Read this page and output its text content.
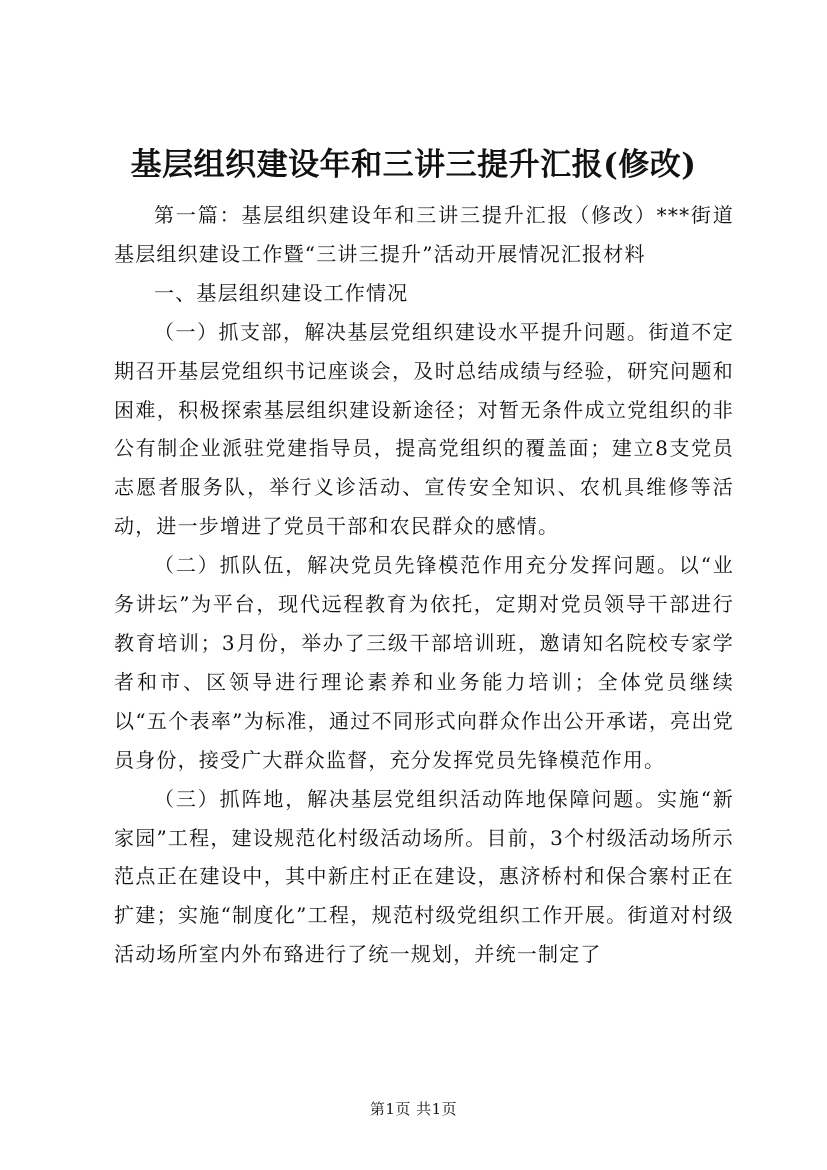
基层组织建设年和三讲三提升汇报(修改)

第一篇：基层组织建设年和三讲三提升汇报（修改）***街道基层组织建设工作暨“三讲三提升”活动开展情况汇报材料

一、基层组织建设工作情况

（一）抓支部，解决基层党组织建设水平提升问题。街道不定期召开基层党组织书记座谈会，及时总结成绩与经验，研究问题和困难，积极探索基层组织建设新途径；对暂无条件成立党组织的非公有制企业派驻党建指导员，提高党组织的覆盖面；建立8支党员志愿者服务队，举行义诊活动、宣传安全知识、农机具维修等活动，进一步增进了党员干部和农民群众的感情。

（二）抓队伍，解决党员先锋模范作用充分发挥问题。以“业务讲坛”为平台，现代远程教育为依托，定期对党员领导干部进行教育培训；3月份，举办了三级干部培训班，邀请知名院校专家学者和市、区领导进行理论素养和业务能力培训；全体党员继续以“五个表率”为标准，通过不同形式向群众作出公开承诺，亮出党员身份，接受广大群众监督，充分发挥党员先锋模范作用。

（三）抓阵地，解决基层党组织活动阵地保障问题。实施“新家园”工程，建设规范化村级活动场所。目前，3个村级活动场所示范点正在建设中，其中新庄村正在建设，惠济桥村和保合寨村正在扩建；实施“制度化”工程，规范村级党组织工作开展。街道对村级活动场所室内外布臵进行了统一规划，并统一制定了

第1页 共1页
